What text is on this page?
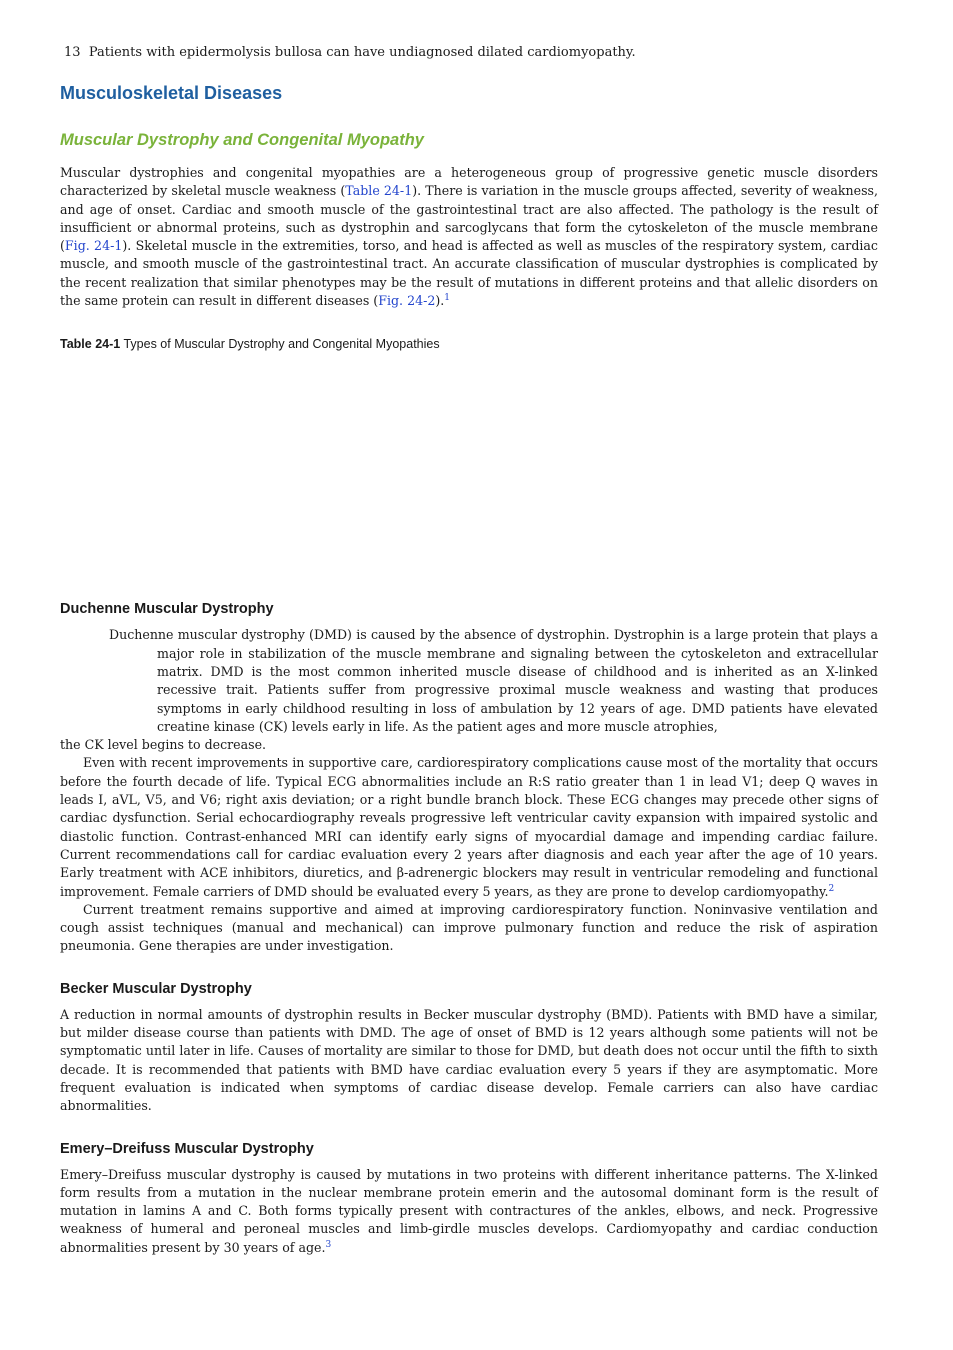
13 Patients with epidermolysis bullosa can have undiagnosed dilated cardiomyopathy.

Musculoskeletal Diseases
Muscular Dystrophy and Congenital Myopathy

Muscular dystrophies and congenital myopathies are a heterogeneous group of progressive genetic muscle disorders characterized by skeletal muscle weakness (Table 24-1). There is variation in the muscle groups affected, severity of weakness, and age of onset. Cardiac and smooth muscle of the gastrointestinal tract are also affected. The pathology is the result of insufficient or abnormal proteins, such as dystrophin and sarcoglycans that form the cytoskeleton of the muscle membrane (Fig. 24-1). Skeletal muscle in the extremities, torso, and head is affected as well as muscles of the respiratory system, cardiac muscle, and smooth muscle of the gastrointestinal tract. An accurate classification of muscular dystrophies is complicated by the recent realization that similar phenotypes may be the result of mutations in different proteins and that allelic disorders on the same protein can result in different diseases (Fig. 24-2).$^1$

Table 24-1 Types of Muscular Dystrophy and Congenital Myopathies

Duchenne Muscular Dystrophy

Duchenne muscular dystrophy (DMD) is caused by the absence of dystrophin. Dystrophin is a large protein that plays a major role in stabilization of the muscle membrane and signaling between the cytoskeleton and extracellular matrix. DMD is the most common inherited muscle disease of childhood and is inherited as an X-linked recessive trait. Patients suffer from progressive proximal muscle weakness and wasting that produces symptoms in early childhood resulting in loss of ambulation by 12 years of age. DMD patients have elevated creatine kinase (CK) levels early in life. As the patient ages and more muscle atrophies,

the CK level begins to decrease.

Even with recent improvements in supportive care, cardiorespiratory complications cause most of the mortality that occurs before the fourth decade of life. Typical ECG abnormalities include an R:S ratio greater than 1 in lead V1; deep Q waves in leads I, aVL, V5, and V6; right axis deviation; or a right bundle branch block. These ECG changes may precede other signs of cardiac dysfunction. Serial echocardiography reveals progressive left ventricular cavity expansion with impaired systolic and diastolic function. Contrast-enhanced MRI can identify early signs of myocardial damage and impending cardiac failure. Current recommendations call for cardiac evaluation every 2 years after diagnosis and each year after the age of 10 years. Early treatment with ACE inhibitors, diuretics, and β-adrenergic blockers may result in ventricular remodeling and functional improvement. Female carriers of DMD should be evaluated every 5 years, as they are prone to develop cardiomyopathy.$^2$

Current treatment remains supportive and aimed at improving cardiorespiratory function. Noninvasive ventilation and cough assist techniques (manual and mechanical) can improve pulmonary function and reduce the risk of aspiration pneumonia. Gene therapies are under investigation.

Becker Muscular Dystrophy

A reduction in normal amounts of dystrophin results in Becker muscular dystrophy (BMD). Patients with BMD have a similar, but milder disease course than patients with DMD. The age of onset of BMD is 12 years although some patients will not be symptomatic until later in life. Causes of mortality are similar to those for DMD, but death does not occur until the fifth to sixth decade. It is recommended that patients with BMD have cardiac evaluation every 5 years if they are asymptomatic. More frequent evaluation is indicated when symptoms of cardiac disease develop. Female carriers can also have cardiac abnormalities.

Emery–Dreifuss Muscular Dystrophy

Emery–Dreifuss muscular dystrophy is caused by mutations in two proteins with different inheritance patterns. The X-linked form results from a mutation in the nuclear membrane protein emerin and the autosomal dominant form is the result of mutation in lamins A and C. Both forms typically present with contractures of the ankles, elbows, and neck. Progressive weakness of humeral and peroneal muscles and limb-girdle muscles develops. Cardiomyopathy and cardiac conduction abnormalities present by 30 years of age.$^3$
